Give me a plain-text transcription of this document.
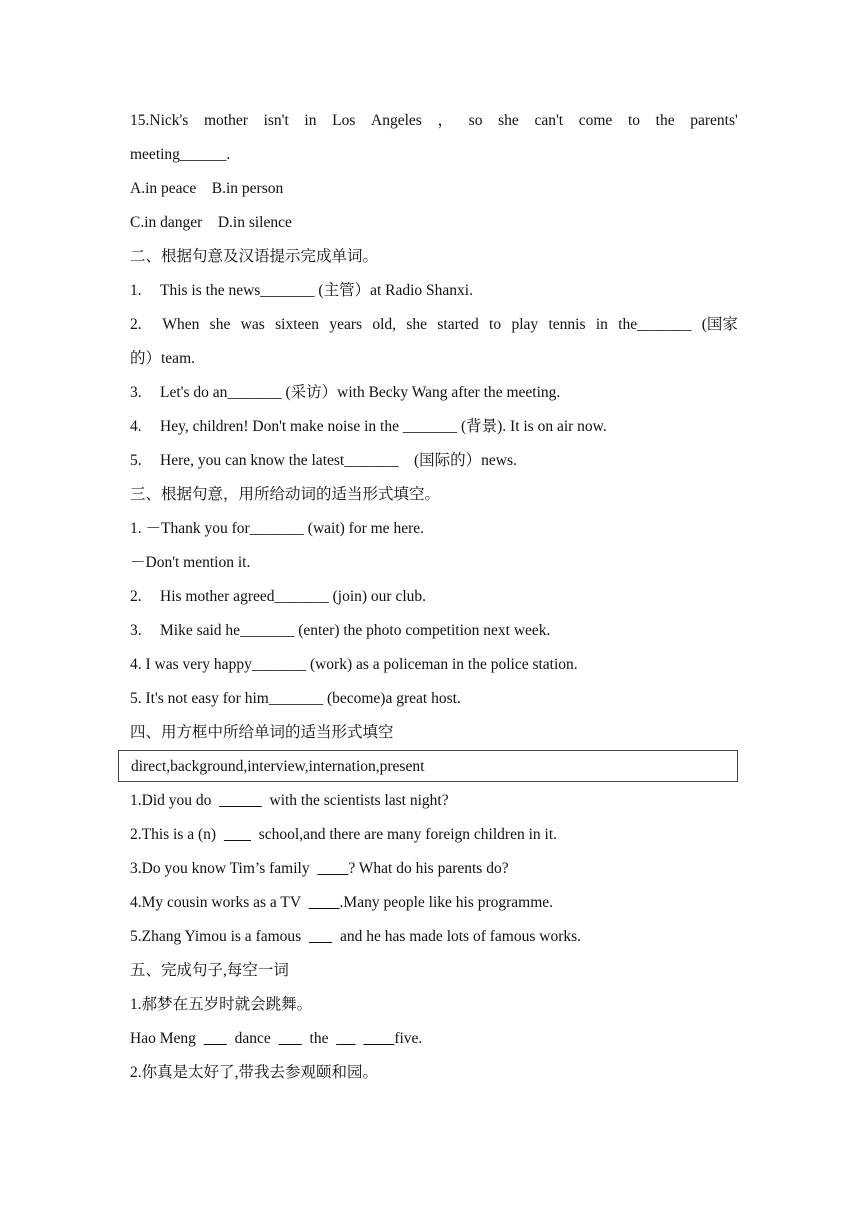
15.Nick's mother isn't in Los Angeles ， so she can't come to the parents'
meeting______.
A.in peace B.in person
C.in danger D.in silence
二、根据句意及汉语提示完成单词。
1. This is the news_______ (主管）at Radio Shanxi.
2.	When she was sixteen years old, she started to play tennis in the_______ (国家
的）team.
3. Let's do an_______ (采访）with Becky Wang after the meeting.
4. Hey, children! Don't make noise in the _______ (背景). It is on air now.
5. Here, you can know the latest_______    (国际的）news.
三、根据句意，用所给动词的适当形式填空。
1. －Thank you for_______ (wait) for me here.
－Don't mention it.
2. His mother agreed_______ (join) our club.
3. Mike said he_______ (enter) the photo competition next week.
4. I was very happy_______ (work) as a policeman in the police station.
5. It's not easy for him_______ (become)a great host.
四、用方框中所给单词的适当形式填空
direct,background,interview,internation,present
1.Did you do	with the scientists last night?
2.This is a (n)           school,and there are many foreign children in it.
3.Do you know Tim’s family          ? What do his parents do?
4.My cousin works as a TV          .Many people like his programme.
5.Zhang Yimou is a famous          and he has made lots of famous works.
五、完成句子,每空一词
1.郝梦在五岁时就会跳舞。
Hao Meng	dance	the	five.
2.你真是太好了,带我去参观颐和园。
